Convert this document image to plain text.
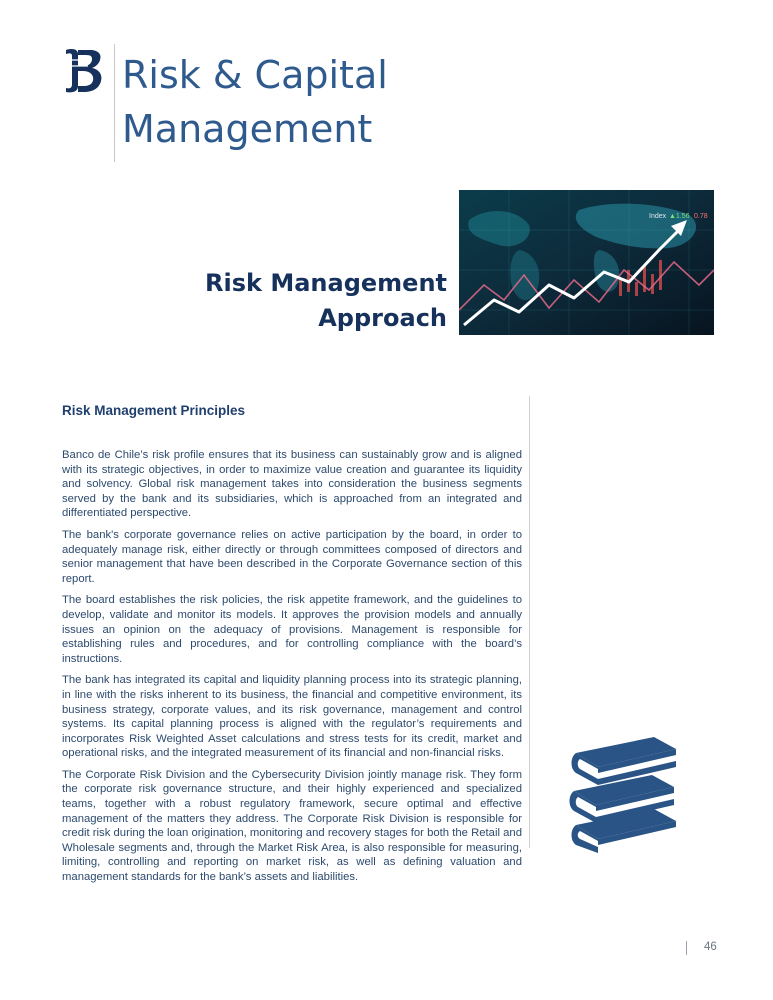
Risk & Capital
Management
Risk Management
Approach
Index ▲1.56 0.78
Risk Management Principles

Banco de Chile’s risk profile ensures that its business can sustainably grow and is aligned with its strategic objectives, in order to maximize value creation and guarantee its liquidity and solvency. Global risk management takes into consideration the business segments served by the bank and its subsidiaries, which is approached from an integrated and differentiated perspective.

The bank's corporate governance relies on active participation by the board, in order to adequately manage risk, either directly or through committees composed of directors and senior management that have been described in the Corporate Governance section of this report.

The board establishes the risk policies, the risk appetite framework, and the guidelines to develop, validate and monitor its models. It approves the provision models and annually issues an opinion on the adequacy of provisions. Management is responsible for establishing rules and procedures, and for controlling compliance with the board’s instructions.

The bank has integrated its capital and liquidity planning process into its strategic planning, in line with the risks inherent to its business, the financial and competitive environment, its business strategy, corporate values, and its risk governance, management and control systems. Its capital planning process is aligned with the regulator’s requirements and incorporates Risk Weighted Asset calculations and stress tests for its credit, market and operational risks, and the integrated measurement of its financial and non-financial risks.

The Corporate Risk Division and the Cybersecurity Division jointly manage risk. They form the corporate risk governance structure, and their highly experienced and specialized teams, together with a robust regulatory framework, secure optimal and effective management of the matters they address. The Corporate Risk Division is responsible for credit risk during the loan origination, monitoring and recovery stages for both the Retail and Wholesale segments and, through the Market Risk Area, is also responsible for measuring, limiting, controlling and reporting on market risk, as well as defining valuation and management standards for the bank’s assets and liabilities.

46
